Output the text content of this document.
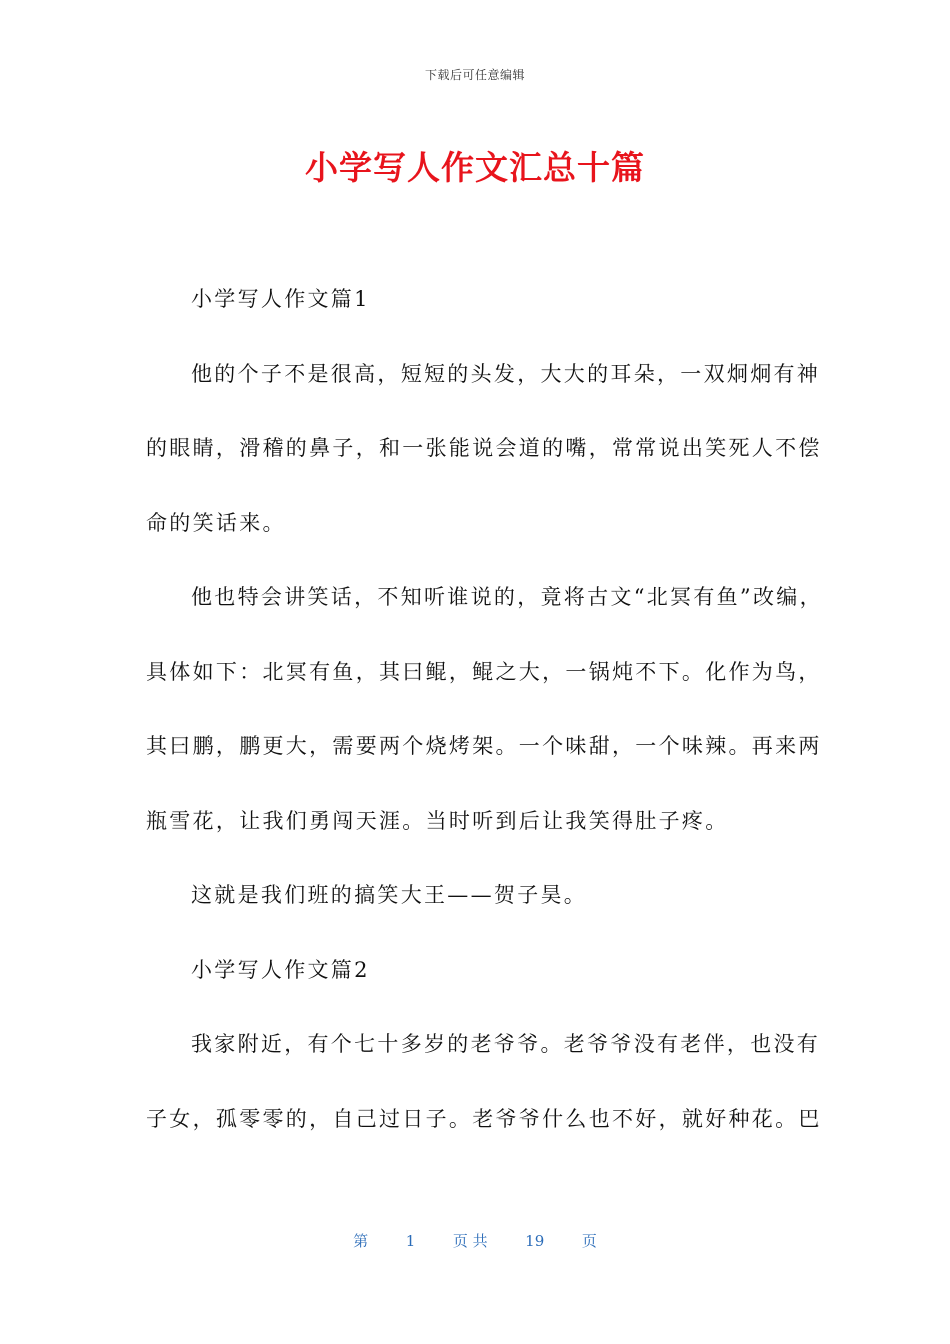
下载后可任意编辑
小学写人作文汇总十篇
小学写人作文篇1
他的个子不是很高，短短的头发，大大的耳朵，一双炯炯有神
的眼睛，滑稽的鼻子，和一张能说会道的嘴，常常说出笑死人不偿
命的笑话来。
他也特会讲笑话，不知听谁说的，竟将古文“北冥有鱼”改编，
具体如下：北冥有鱼，其曰鲲，鲲之大，一锅炖不下。化作为鸟，
其曰鹏，鹏更大，需要两个烧烤架。一个味甜，一个味辣。再来两
瓶雪花，让我们勇闯天涯。当时听到后让我笑得肚子疼。
这就是我们班的搞笑大王——贺子昊。
小学写人作文篇2
我家附近，有个七十多岁的老爷爷。老爷爷没有老伴，也没有
子女，孤零零的，自己过日子。老爷爷什么也不好，就好种花。巴
第	1	页 共	19	页
